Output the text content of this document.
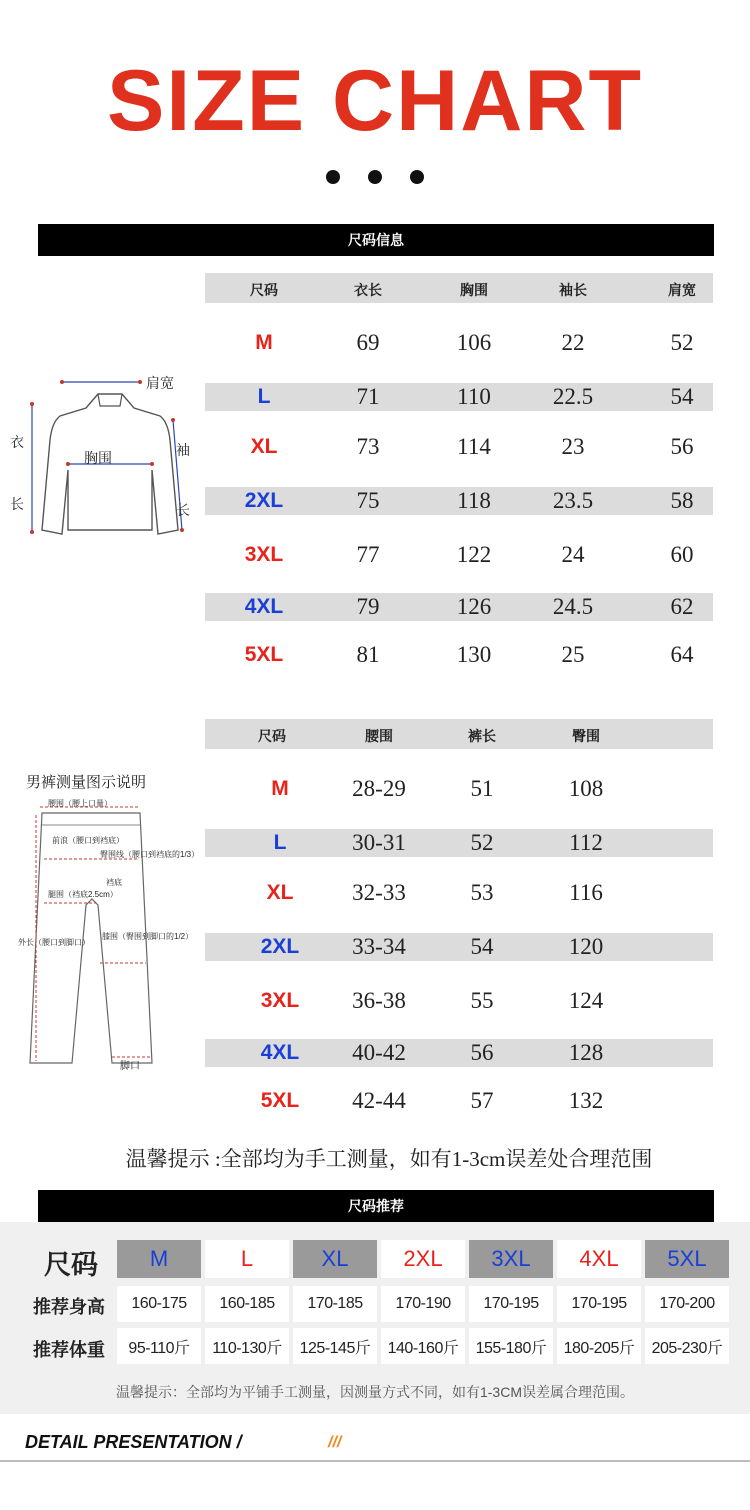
SIZE CHART
尺码信息
尺码	衣长	胸围	袖长	肩宽
M	69	106	22	52
L	71	110	22.5	54
XL	73	114	23	56
2XL	75	118	23.5	58
3XL	77	122	24	60
4XL	79	126	24.5	62
5XL	81	130	25	64
肩宽
胸围
衣
长
袖
长
尺码	腰围	裤长	臀围
M	28-29	51	108
L	30-31	52	112
XL	32-33	53	116
2XL 33-34	54	120
3XL 36-38	55	124
4XL 40-42	56	128
5XL 42-44	57	132
男裤测量图示说明
腰围（腰上口量）
前浪（腰口到裆底）
臀围线（腰口到裆底的1/3）
裆底
腿围（裆底2.5cm）
外长（腰口到脚口）
膝围（臀围到脚口的1/2）
脚口
温馨提示 :全部均为手工测量，如有1-3cm误差处合理范围
尺码推荐
尺码
推荐身高
推荐体重
M	L	XL	2XL	3XL	4XL	5XL
160-175	160-185	170-185	170-190	170-195	170-195	170-200
95-110斤	110-130斤	125-145斤	140-160斤	155-180斤	180-205斤	205-230斤
温馨提示：全部均为平铺手工测量，因测量方式不同，如有1-3CM误差属合理范围。
DETAIL PRESENTATION /	///
